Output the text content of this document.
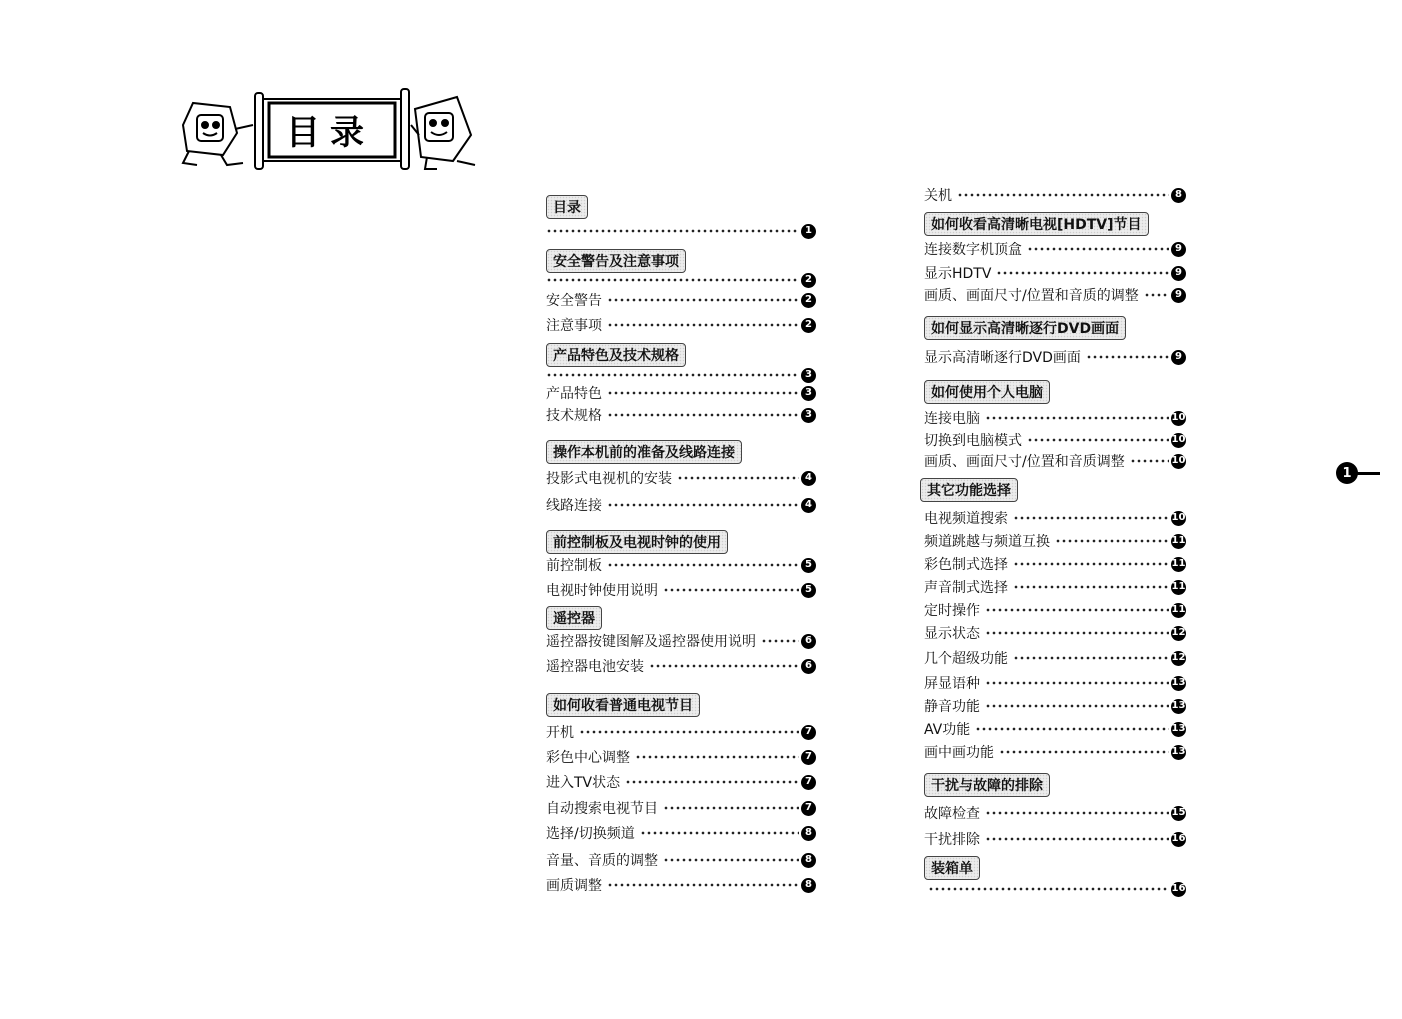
目录
目录
1
安全警告及注意事项
2
安全警告	2
注意事项	2
产品特色及技术规格
3
产品特色	3
技术规格	3
操作本机前的准备及线路连接
投影式电视机的安装	4
线路连接	4
前控制板及电视时钟的使用
前控制板	5
电视时钟使用说明	5
遥控器
遥控器按键图解及遥控器使用说明	6
遥控器电池安装	6
如何收看普通电视节目
开机	7
彩色中心调整	7
进入TV状态	7
自动搜索电视节目	7
选择/切换频道	8
音量、音质的调整	8
画质调整	8
关机	8
如何收看高清晰电视[HDTV]节目
连接数字机顶盒	9
显示HDTV	9
画质、画面尺寸/位置和音质的调整	9
如何显示高清晰逐行DVD画面
显示高清晰逐行DVD画面	9
如何使用个人电脑
连接电脑	10
切换到电脑模式	10
画质、画面尺寸/位置和音质调整	10
其它功能选择
电视频道搜索	10
频道跳越与频道互换	11
彩色制式选择	11
声音制式选择	11
定时操作	11
显示状态	12
几个超级功能	12
屏显语种	13
静音功能	13
AV功能	13
画中画功能	13
干扰与故障的排除
故障检查	15
干扰排除	16
装箱单
16
1
